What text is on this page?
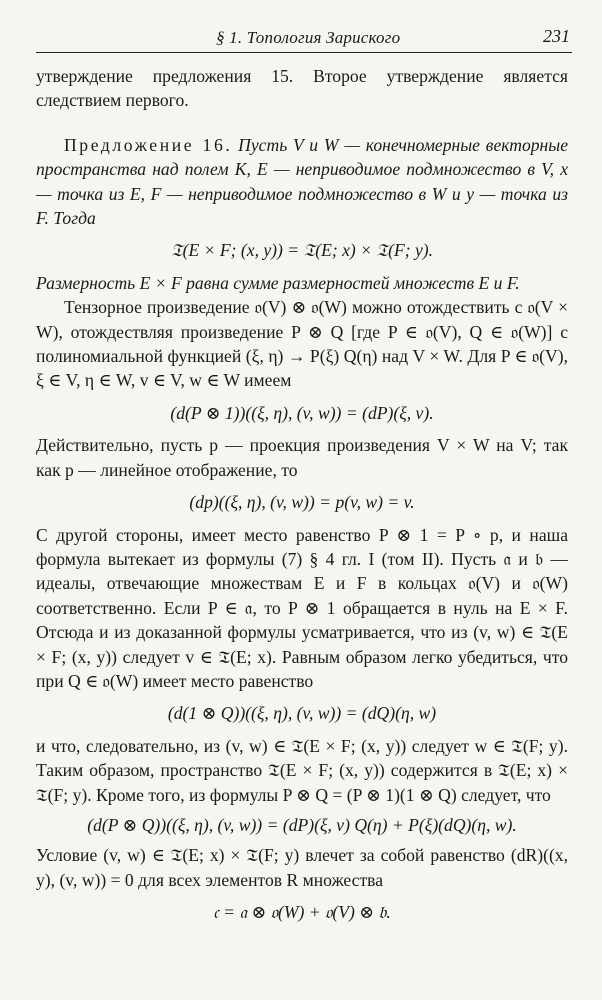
§ 1. Топология Зариского	231

утверждение предложения 15. Второе утверждение является следствием первого.

Предложение 16. Пусть V и W — конечномерные векторные пространства над полем K, E — неприводимое подмножество в V, x — точка из E, F — неприводимое подмножество в W и y — точка из F. Тогда

𝔗(E × F; (x, y)) = 𝔗(E; x) × 𝔗(F; y).

Размерность E × F равна сумме размерностей множеств E и F.

Тензорное произведение 𝔬(V) ⊗ 𝔬(W) можно отождествить с 𝔬(V × W), отождествляя произведение P ⊗ Q [где P ∈ 𝔬(V), Q ∈ 𝔬(W)] с полиномиальной функцией (ξ, η) → P(ξ) Q(η) над V × W. Для P ∈ 𝔬(V), ξ ∈ V, η ∈ W, v ∈ V, w ∈ W имеем

(d(P ⊗ 1))((ξ, η), (v, w)) = (dP)(ξ, v).

Действительно, пусть p — проекция произведения V × W на V; так как p — линейное отображение, то

(dp)((ξ, η), (v, w)) = p(v, w) = v.

С другой стороны, имеет место равенство P ⊗ 1 = P ∘ p, и наша формула вытекает из формулы (7) § 4 гл. I (том II). Пусть 𝔞 и 𝔟 — идеалы, отвечающие множествам E и F в кольцах 𝔬(V) и 𝔬(W) соответственно. Если P ∈ 𝔞, то P ⊗ 1 обращается в нуль на E × F. Отсюда и из доказанной формулы усматривается, что из (v, w) ∈ 𝔗(E × F; (x, y)) следует v ∈ 𝔗(E; x). Равным образом легко убедиться, что при Q ∈ 𝔬(W) имеет место равенство

(d(1 ⊗ Q))((ξ, η), (v, w)) = (dQ)(η, w)

и что, следовательно, из (v, w) ∈ 𝔗(E × F; (x, y)) следует w ∈ 𝔗(F; y). Таким образом, пространство 𝔗(E × F; (x, y)) содержится в 𝔗(E; x) × 𝔗(F; y). Кроме того, из формулы P ⊗ Q = (P ⊗ 1)(1 ⊗ Q) следует, что

(d(P ⊗ Q))((ξ, η), (v, w)) = (dP)(ξ, v) Q(η) + P(ξ)(dQ)(η, w).

Условие (v, w) ∈ 𝔗(E; x) × 𝔗(F; y) влечет за собой равенство (dR)((x, y), (v, w)) = 0 для всех элементов R множества

𝔠 = 𝔞 ⊗ 𝔬(W) + 𝔬(V) ⊗ 𝔟.
